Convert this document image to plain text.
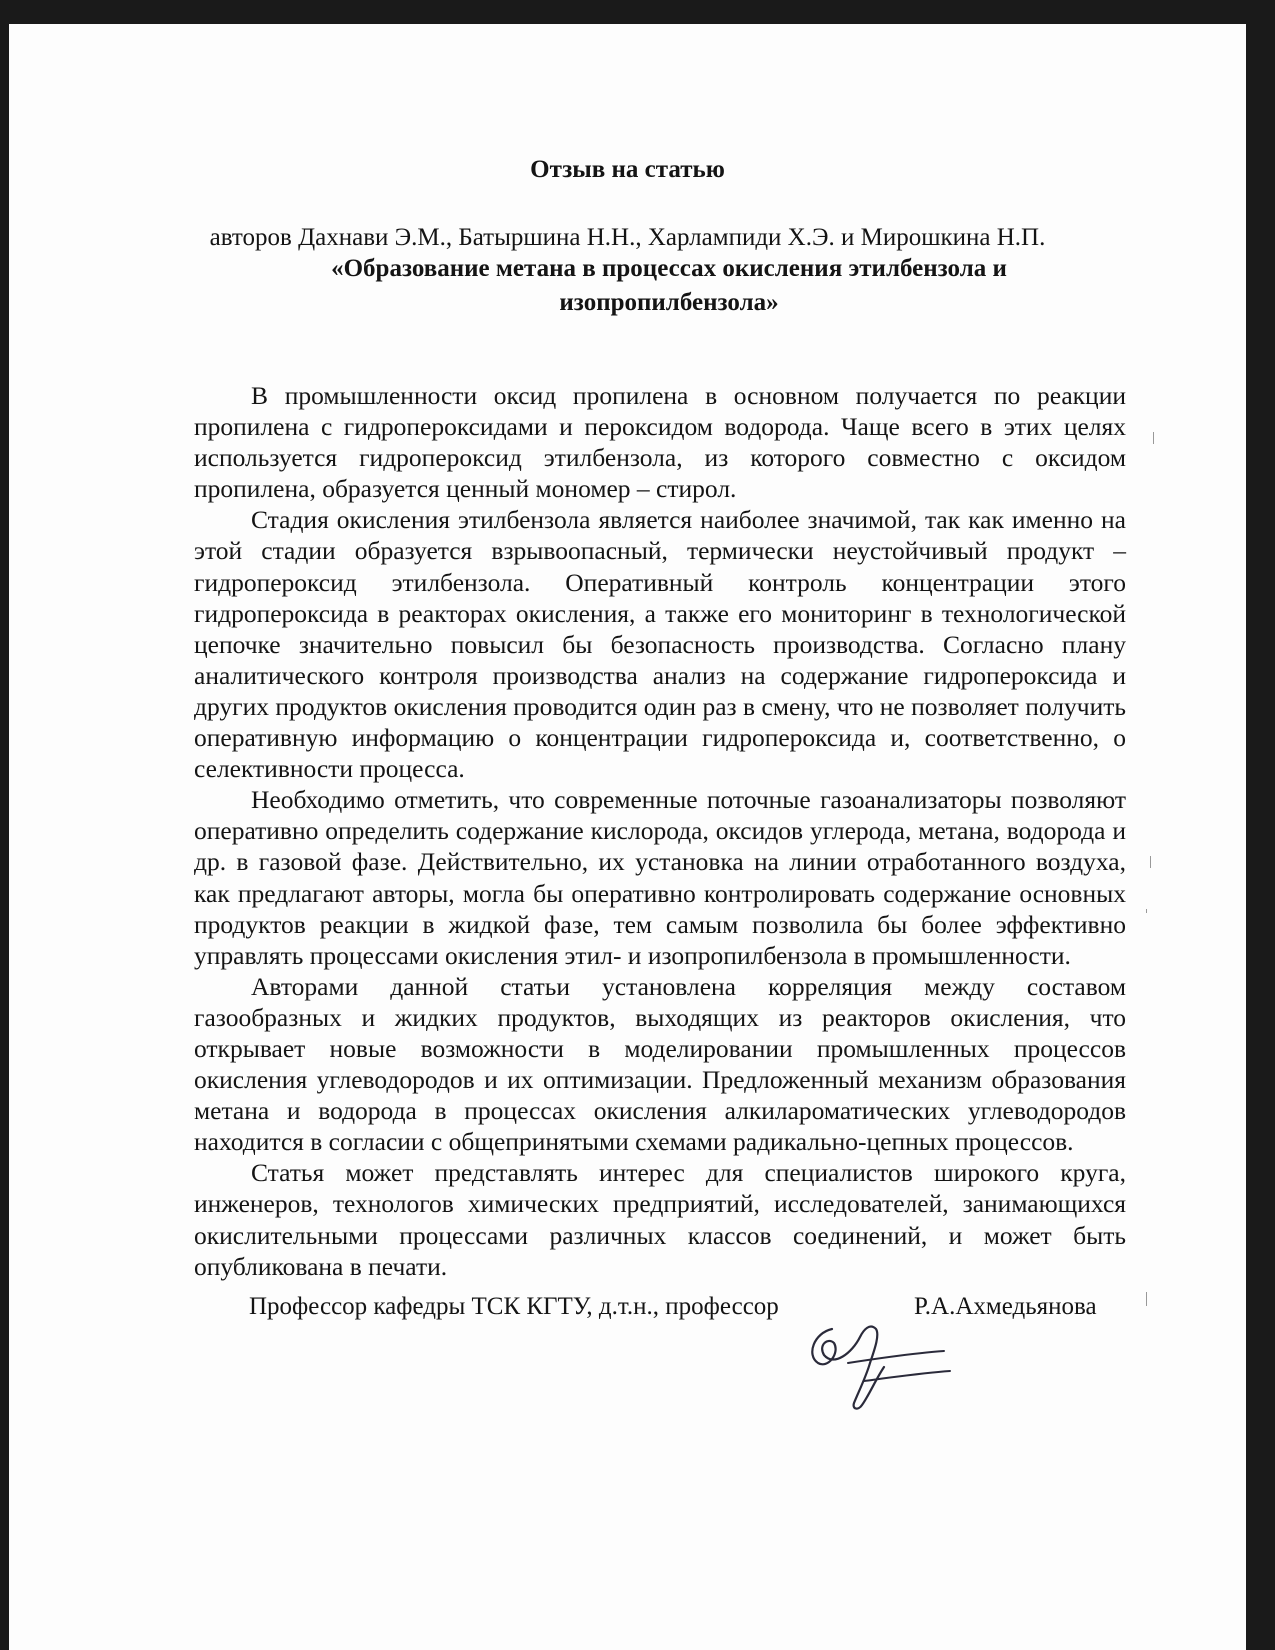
Отзыв на статью
авторов Дахнави Э.М., Батыршина Н.Н., Харлампиди Х.Э. и Мирошкина Н.П.
«Образование метана в процессах окисления этилбензола и изопропилбензола»

В промышленности оксид пропилена в основном получается по реакции пропилена с гидропероксидами и пероксидом водорода. Чаще всего в этих целях используется гидропероксид этилбензола, из которого совместно с оксидом пропилена, образуется ценный мономер – стирол.

Стадия окисления этилбензола является наиболее значимой, так как именно на этой стадии образуется взрывоопасный, термически неустойчивый продукт – гидропероксид этилбензола. Оперативный контроль концентрации этого гидропероксида в реакторах окисления, а также его мониторинг в технологической цепочке значительно повысил бы безопасность производства. Согласно плану аналитического контроля производства анализ на содержание гидропероксида и других продуктов окисления проводится один раз в смену, что не позволяет получить оперативную информацию о концентрации гидропероксида и, соответственно, о селективности процесса.

Необходимо отметить, что современные поточные газоанализаторы позволяют оперативно определить содержание кислорода, оксидов углерода, метана, водорода и др. в газовой фазе. Действительно, их установка на линии отработанного воздуха, как предлагают авторы, могла бы оперативно контролировать содержание основных продуктов реакции в жидкой фазе, тем самым позволила бы более эффективно управлять процессами окисления этил- и изопропилбензола в промышленности.

Авторами данной статьи установлена корреляция между составом газообразных и жидких продуктов, выходящих из реакторов окисления, что открывает новые возможности в моделировании промышленных процессов окисления углеводородов и их оптимизации. Предложенный механизм образования метана и водорода в процессах окисления алкилароматических углеводородов находится в согласии с общепринятыми схемами радикально-цепных процессов.

Статья может представлять интерес для специалистов широкого круга, инженеров, технологов химических предприятий, исследователей, занимающихся окислительными процессами различных классов соединений, и может быть опубликована в печати.

Профессор кафедры ТСК КГТУ, д.т.н., профессор	Р.А.Ахмедьянова
